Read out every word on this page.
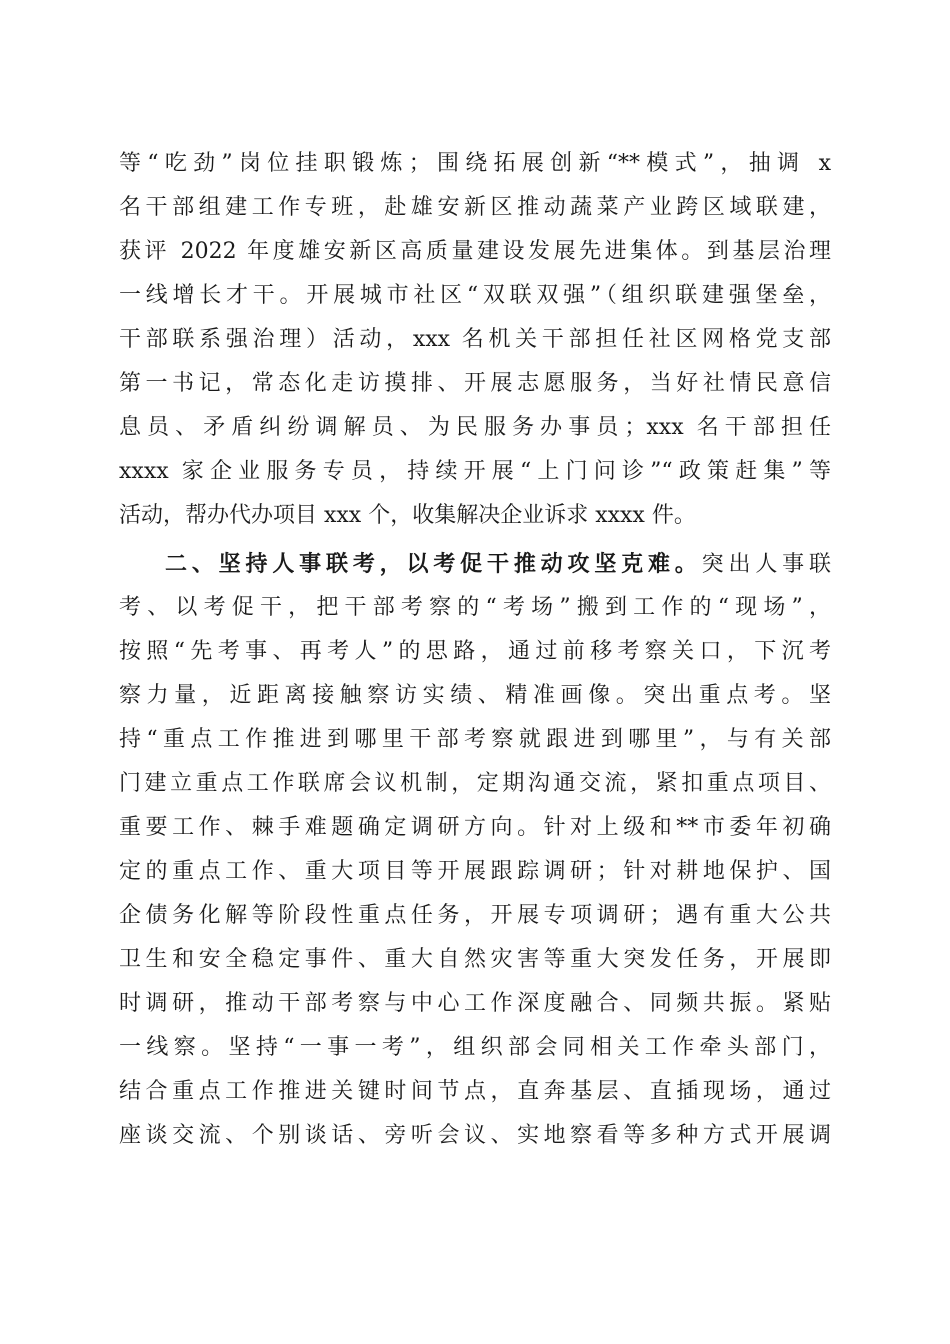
等“吃劲”岗位挂职锻炼；围绕拓展创新“**模式”，抽调 x
名干部组建工作专班，赴雄安新区推动蔬菜产业跨区域联建，
获评 2022 年度雄安新区高质量建设发展先进集体。到基层治理
一线增长才干。开展城市社区“双联双强”（组织联建强堡垒，
干部联系强治理）活动，xxx 名机关干部担任社区网格党支部
第一书记，常态化走访摸排、开展志愿服务，当好社情民意信
息员、矛盾纠纷调解员、为民服务办事员；xxx 名干部担任
xxxx 家企业服务专员，持续开展“上门问诊”“政策赶集”等
活动，帮办代办项目 xxx 个，收集解决企业诉求 xxxx 件。
二、坚持人事联考，以考促干推动攻坚克难。突出人事联
考、以考促干，把干部考察的“考场”搬到工作的“现场”，
按照“先考事、再考人”的思路，通过前移考察关口，下沉考
察力量，近距离接触察访实绩、精准画像。突出重点考。坚
持“重点工作推进到哪里干部考察就跟进到哪里”，与有关部
门建立重点工作联席会议机制，定期沟通交流，紧扣重点项目、
重要工作、棘手难题确定调研方向。针对上级和**市委年初确
定的重点工作、重大项目等开展跟踪调研；针对耕地保护、国
企债务化解等阶段性重点任务，开展专项调研；遇有重大公共
卫生和安全稳定事件、重大自然灾害等重大突发任务，开展即
时调研，推动干部考察与中心工作深度融合、同频共振。紧贴
一线察。坚持“一事一考”，组织部会同相关工作牵头部门，
结合重点工作推进关键时间节点，直奔基层、直插现场，通过
座谈交流、个别谈话、旁听会议、实地察看等多种方式开展调
